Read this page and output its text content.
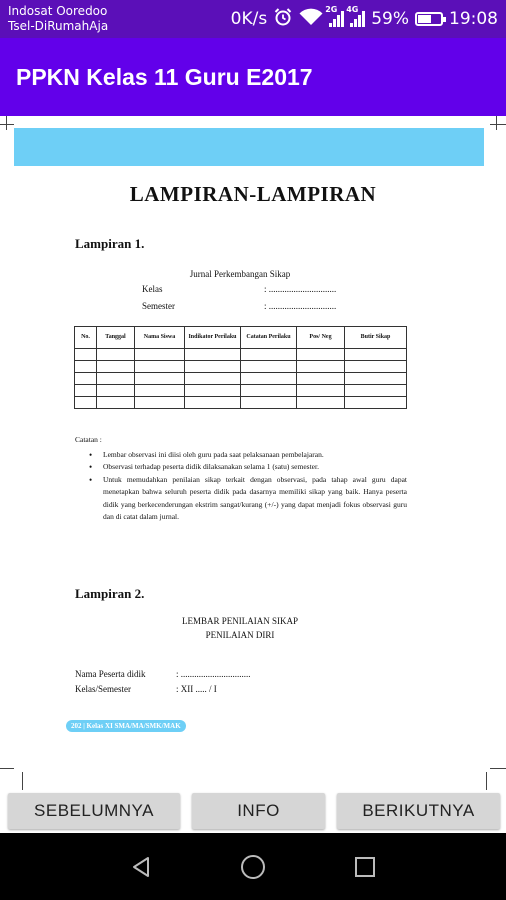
Indosat Ooredoo
Tsel-DiRumahAja	0K/s	2G 4G 59% 19:08
PPKN Kelas 11 Guru E2017
LAMPIRAN-LAMPIRAN
Lampiran 1.
Jurnal Perkembangan Sikap
Kelas	: ..............................
Semester	: ..............................
No.	Tanggal	Nama Siswa	Indikator Perilaku	Catatan Perilaku	Pos/ Neg	Butir Sikap

Catatan :
• Lembar observasi ini diisi oleh guru pada saat pelaksanaan pembelajaran.
• Observasi terhadap peserta didik dilaksanakan selama 1 (satu) semester.
• Untuk memudahkan penilaian sikap terkait dengan observasi, pada tahap awal guru dapat menetapkan bahwa seluruh peserta didik pada dasarnya memiliki sikap yang baik. Hanya peserta didik yang berkecenderungan ekstrim sangat/kurang (+/-) yang dapat menjadi fokus observasi guru dan di catat dalam jurnal.
Lampiran 2.
LEMBAR PENILAIAN SIKAP
PENILAIAN DIRI
Nama Peserta didik	: ...............................
Kelas/Semester	: XII ..... / I
202 | Kelas XI SMA/MA/SMK/MAK
SEBELUMNYA	INFO	BERIKUTNYA
